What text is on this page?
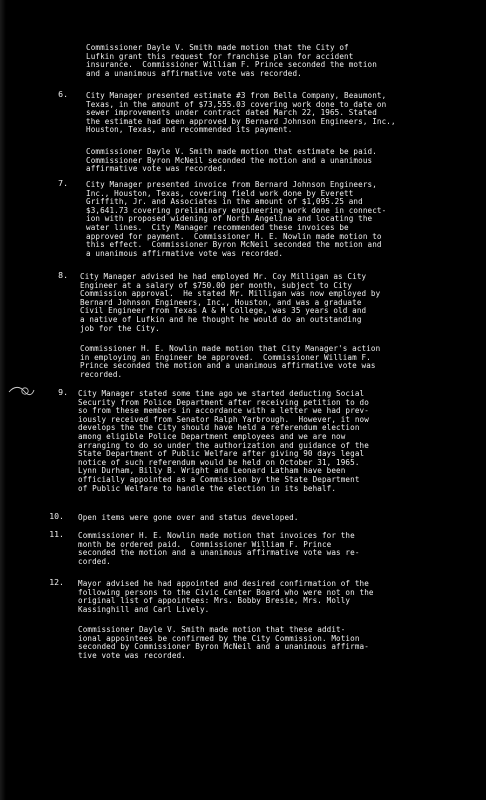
Commissioner Dayle V. Smith made motion that the City of
Lufkin grant this request for franchise plan for accident
insurance.  Commissioner William F. Prince seconded the motion
and a unanimous affirmative vote was recorded.
6. City Manager presented estimate #3 from Bella Company, Beaumont,
Texas, in the amount of $73,555.03 covering work done to date on
sewer improvements under contract dated March 22, 1965. Stated
the estimate had been approved by Bernard Johnson Engineers, Inc.,
Houston, Texas, and recommended its payment.
Commissioner Dayle V. Smith made motion that estimate be paid.
Commissioner Byron McNeil seconded the motion and a unanimous
affirmative vote was recorded.
7. City Manager presented invoice from Bernard Johnson Engineers,
Inc., Houston, Texas, covering field work done by Everett
Griffith, Jr. and Associates in the amount of $1,095.25 and
$3,641.73 covering preliminary engineering work done in connect-
ion with proposed widening of North Angelina and locating the
water lines.  City Manager recommended these invoices be
approved for payment.  Commissioner H. E. Nowlin made motion to
this effect.  Commissioner Byron McNeil seconded the motion and
a unanimous affirmative vote was recorded.
8. City Manager advised he had employed Mr. Coy Milligan as City
Engineer at a salary of $750.00 per month, subject to City
Commission approval.  He stated Mr. Milligan was now employed by
Bernard Johnson Engineers, Inc., Houston, and was a graduate
Civil Engineer from Texas A & M College, was 35 years old and
a native of Lufkin and he thought he would do an outstanding
job for the City.
Commissioner H. E. Nowlin made motion that City Manager's action
in employing an Engineer be approved.  Commissioner William F.
Prince seconded the motion and a unanimous affirmative vote was
recorded.
9. City Manager stated some time ago we started deducting Social
Security from Police Department after receiving petition to do
so from these members in accordance with a letter we had prev-
iously received from Senator Ralph Yarbrough.  However, it now
develops the the City should have held a referendum election
among eligible Police Department employees and we are now
arranging to do so under the authorization and guidance of the
State Department of Public Welfare after giving 90 days legal
notice of such referendum would be held on October 31, 1965.
Lynn Durham, Billy B. Wright and Leonard Latham have been
officially appointed as a Commission by the State Department
of Public Welfare to handle the election in its behalf.
10. Open items were gone over and status developed.
11. Commissioner H. E. Nowlin made motion that invoices for the
month be ordered paid.  Commissioner William F. Prince
seconded the motion and a unanimous affirmative vote was re-
corded.
12. Mayor advised he had appointed and desired confirmation of the
following persons to the Civic Center Board who were not on the
original list of appointees: Mrs. Bobby Bresie, Mrs. Molly
Kassinghill and Carl Lively.
Commissioner Dayle V. Smith made motion that these addit-
ional appointees be confirmed by the City Commission. Motion
seconded by Commissioner Byron McNeil and a unanimous affirma-
tive vote was recorded.
